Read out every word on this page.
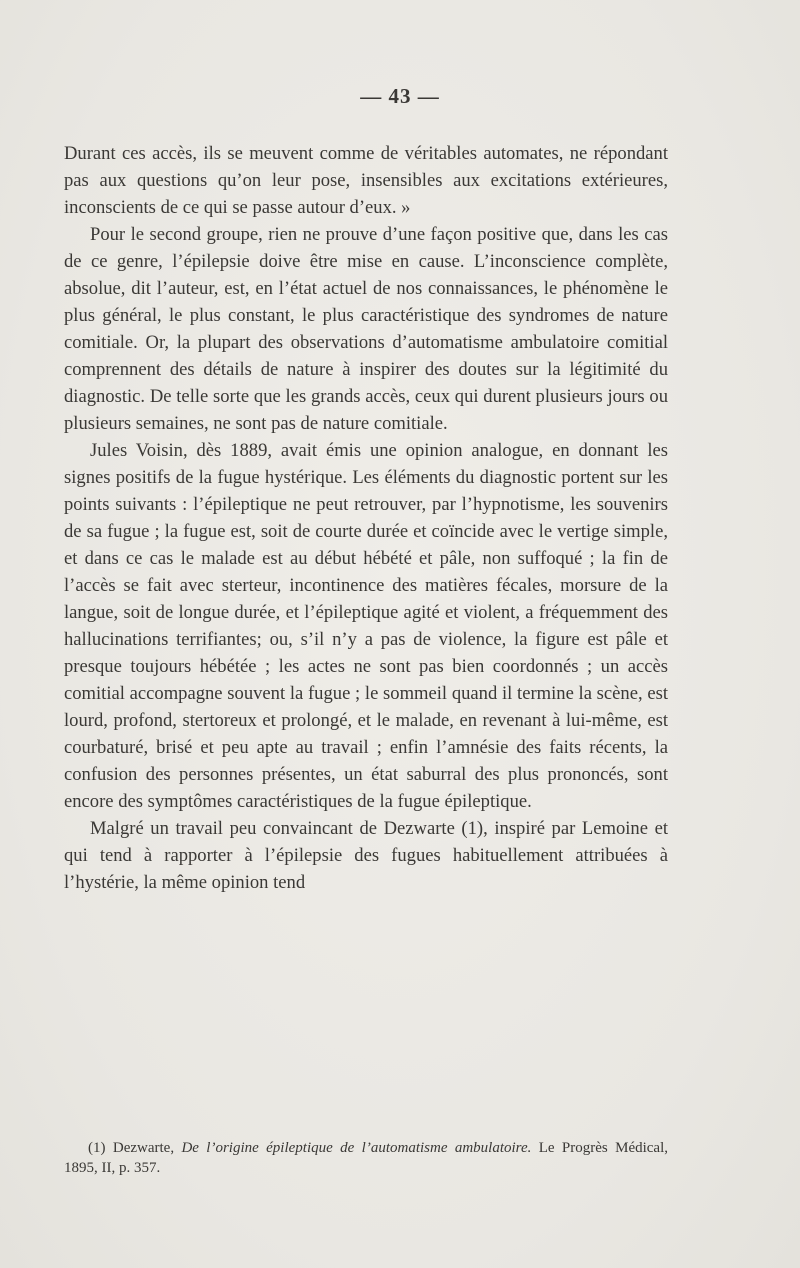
— 43 —

Durant ces accès, ils se meuvent comme de véritables automates, ne répondant pas aux questions qu’on leur pose, insensibles aux excitations extérieures, inconscients de ce qui se passe autour d’eux. »

Pour le second groupe, rien ne prouve d’une façon positive que, dans les cas de ce genre, l’épilepsie doive être mise en cause. L’inconscience complète, absolue, dit l’auteur, est, en l’état actuel de nos connaissances, le phénomène le plus général, le plus constant, le plus caractéristique des syndromes de nature comitiale. Or, la plupart des observations d’automatisme ambulatoire comitial comprennent des détails de nature à inspirer des doutes sur la légitimité du diagnostic. De telle sorte que les grands accès, ceux qui durent plusieurs jours ou plusieurs semaines, ne sont pas de nature comitiale.

Jules Voisin, dès 1889, avait émis une opinion analogue, en donnant les signes positifs de la fugue hystérique. Les éléments du diagnostic portent sur les points suivants : l’épileptique ne peut retrouver, par l’hypnotisme, les souvenirs de sa fugue ; la fugue est, soit de courte durée et coïncide avec le vertige simple, et dans ce cas le malade est au début hébété et pâle, non suffoqué ; la fin de l’accès se fait avec sterteur, incontinence des matières fécales, morsure de la langue, soit de longue durée, et l’épileptique agité et violent, a fréquemment des hallucinations terrifiantes; ou, s’il n’y a pas de violence, la figure est pâle et presque toujours hébétée ; les actes ne sont pas bien coordonnés ; un accès comitial accompagne souvent la fugue ; le sommeil quand il termine la scène, est lourd, profond, stertoreux et prolongé, et le malade, en revenant à lui-même, est courbaturé, brisé et peu apte au travail ; enfin l’amnésie des faits récents, la confusion des personnes présentes, un état saburral des plus prononcés, sont encore des symptômes caractéristiques de la fugue épileptique.

Malgré un travail peu convaincant de Dezwarte (1), inspiré par Lemoine et qui tend à rapporter à l’épilepsie des fugues habituellement attribuées à l’hystérie, la même opinion tend

(1) Dezwarte, De l’origine épileptique de l’automatisme ambulatoire. Le Progrès Médical, 1895, II, p. 357.
